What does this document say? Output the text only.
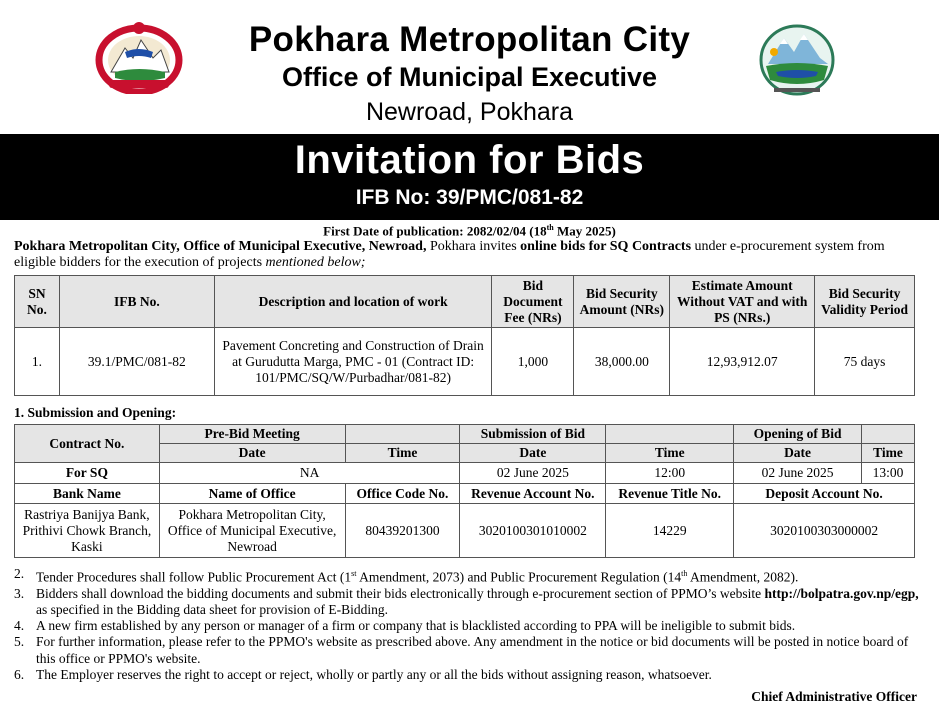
Pokhara Metropolitan City
Office of Municipal Executive
Newroad, Pokhara
Invitation for Bids
IFB No: 39/PMC/081-82
First Date of publication: 2082/02/04 (18th May 2025)
Pokhara Metropolitan City, Office of Municipal Executive, Newroad, Pokhara invites online bids for SQ Contracts under e-procurement system from eligible bidders for the execution of projects mentioned below;
SN No.	IFB No.	Description and location of work	Bid Document Fee (NRs)	Bid Security Amount (NRs)	Estimate Amount Without VAT and with PS (NRs.)	Bid Security Validity Period
1.	39.1/PMC/081-82	Pavement Concreting and Construction of Drain at Gurudutta Marga, PMC - 01 (Contract ID: 101/PMC/SQ/W/Purbadhar/081-82)	1,000	38,000.00	12,93,912.07	75 days
1. Submission and Opening:
Contract No.	Pre-Bid Meeting		Submission of Bid		Opening of Bid	
	Date	Time	Date	Time	Date	Time
For SQ	NA		02 June 2025	12:00	02 June 2025	13:00
Bank Name	Name of Office	Office Code No.	Revenue Account No.	Revenue Title No.	Deposit Account No.	
Rastriya Banijya Bank, Prithivi Chowk Branch, Kaski	Pokhara Metropolitan City, Office of Municipal Executive, Newroad	80439201300	3020100301010002	14229	3020100303000002	
2. Tender Procedures shall follow Public Procurement Act (1st Amendment, 2073) and Public Procurement Regulation (14th Amendment, 2082).
3. Bidders shall download the bidding documents and submit their bids electronically through e-procurement section of PPMO’s website http://bolpatra.gov.np/egp, as specified in the Bidding data sheet for provision of E-Bidding.
4. A new firm established by any person or manager of a firm or company that is blacklisted according to PPA will be ineligible to submit bids.
5. For further information, please refer to the PPMO's website as prescribed above. Any amendment in the notice or bid documents will be posted in notice board of this office or PPMO's website.
6. The Employer reserves the right to accept or reject, wholly or partly any or all the bids without assigning reason, whatsoever.
Chief Administrative Officer
